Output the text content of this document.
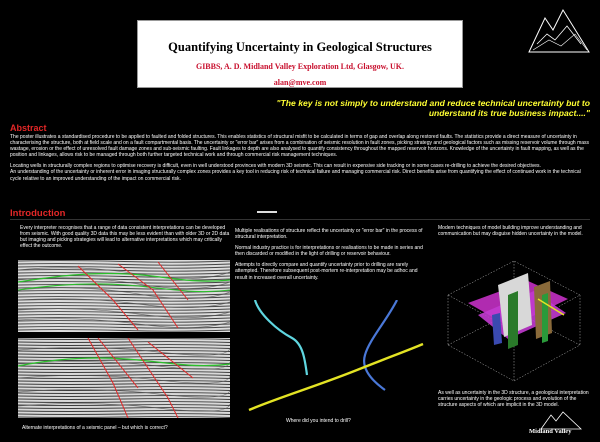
Quantifying Uncertainty in Geological Structures
GIBBS, A. D. Midland Valley Exploration Ltd, Glasgow, UK.
alan@mve.com
"The key is not simply to understand and reduce technical uncertainty but to understand its true business impact...."
Abstract

The poster illustrates a standardised procedure to be applied to faulted and folded structures. This enables statistics of structural misfit to be calculated in terms of gap and overlap along restored faults. The statistics provide a direct measure of uncertainty in characterising the structure, both at field scale and on a fault compartmental basis. The uncertainty or "error bar" arises from a combination of seismic resolution in fault zones, picking strategy and geological factors such as missing reservoir volume through mass wastage, erosion or the effect of unresolved fault damage zones and sub-seismic faulting. Fault linkages to depth are also analysed to quantify consistency throughout the mapped reservoir horizons. Knowledge of the uncertainty in fault mapping, as well as the position and linkages, allows risk to be managed through both further targeted technical work and through commercial risk management techniques.

Locating wells in structurally complex regions to optimise recovery is difficult, even in well understood provinces with modern 3D seismic. This can result in expensive side tracking or in some cases re-drilling to achieve the desired objectives.

An understanding of the uncertainty or inherent error in imaging structurally complex zones provides a key tool in reducing risk of technical failure and managing commercial risk. Direct benefits arise from quantifying the effect of continued work in the technical cycle relative to an improved understanding of the impact on commercial risk.

Introduction

Every interpreter recognises that a range of data consistent interpretations can be developed from seismic. With good quality 3D data this may be less evident than with older 3D or 2D data but imaging and picking strategies will lead to alternative interpretations which may critically effect the outcome.

Alternate interpretations of a seismic panel – but which is correct?

Multiple realisations of structure reflect the uncertainty or "error bar" in the process of structural interpretation.

Normal industry practice is for interpretations or realisations to be made in series and then discarded or modified in the light of drilling or reservoir behaviour.

Attempts to directly compare and quantify uncertainty prior to drilling are rarely attempted. Therefore subsequent post-mortem re-interpretation may be adhoc and result in increased overall uncertainty.

Where did you intend to drill?

Modern techniques of model building improve understanding and communication but may disguise hidden uncertainty in the model.

As well as uncertainty in the 3D structure, a geological interpretation carries uncertainty in the geologic process and evolution of the structure aspects of which are implicit in the 3D model.

Midland Valley
